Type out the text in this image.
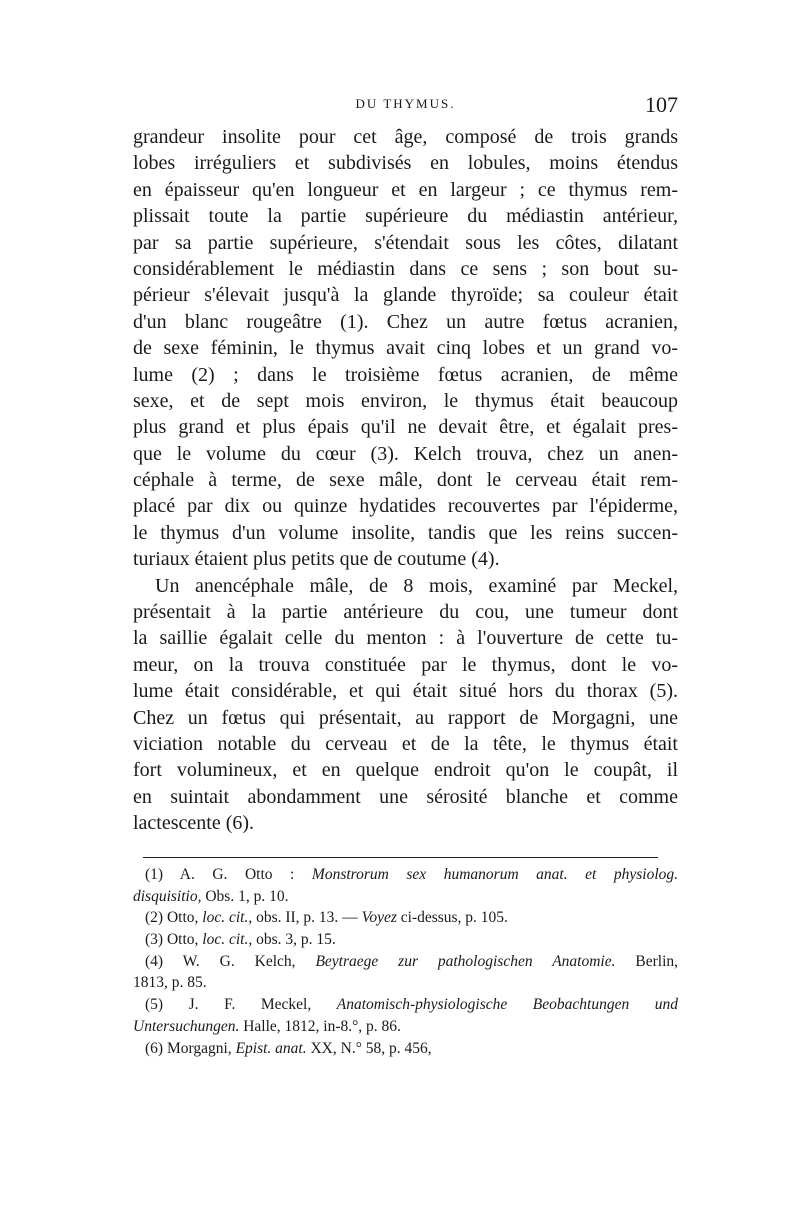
DU THYMUS.	107
grandeur insolite pour cet âge, composé de trois grands
lobes irréguliers et subdivisés en lobules, moins étendus
en épaisseur qu'en longueur et en largeur ; ce thymus rem-
plissait toute la partie supérieure du médiastin antérieur,
par sa partie supérieure, s'étendait sous les côtes, dilatant
considérablement le médiastin dans ce sens ; son bout su-
périeur s'élevait jusqu'à la glande thyroïde; sa couleur était
d'un blanc rougeâtre (1). Chez un autre fœtus acranien,
de sexe féminin, le thymus avait cinq lobes et un grand vo-
lume (2) ; dans le troisième fœtus acranien, de même
sexe, et de sept mois environ, le thymus était beaucoup
plus grand et plus épais qu'il ne devait être, et égalait pres-
que le volume du cœur (3). Kelch trouva, chez un anen-
céphale à terme, de sexe mâle, dont le cerveau était rem-
placé par dix ou quinze hydatides recouvertes par l'épiderme,
le thymus d'un volume insolite, tandis que les reins succen-
turiaux étaient plus petits que de coutume (4).
Un anencéphale mâle, de 8 mois, examiné par Meckel,
présentait à la partie antérieure du cou, une tumeur dont
la saillie égalait celle du menton : à l'ouverture de cette tu-
meur, on la trouva constituée par le thymus, dont le vo-
lume était considérable, et qui était situé hors du thorax (5).
Chez un fœtus qui présentait, au rapport de Morgagni, une
viciation notable du cerveau et de la tête, le thymus était
fort volumineux, et en quelque endroit qu'on le coupât, il
en suintait abondamment une sérosité blanche et comme
lactescente (6).
(1) A. G. Otto : Monstrorum sex humanorum anat. et physiolog.
disquisitio, Obs. 1, p. 10.
(2) Otto, loc. cit., obs. II, p. 13. — Voyez ci-dessus, p. 105.
(3) Otto, loc. cit., obs. 3, p. 15.
(4) W. G. Kelch, Beytraege zur pathologischen Anatomie. Berlin,
1813, p. 85.
(5) J. F. Meckel, Anatomisch-physiologische Beobachtungen und
Untersuchungen. Halle, 1812, in-8.°, p. 86.
(6) Morgagni, Epist. anat. XX, N.° 58, p. 456,
